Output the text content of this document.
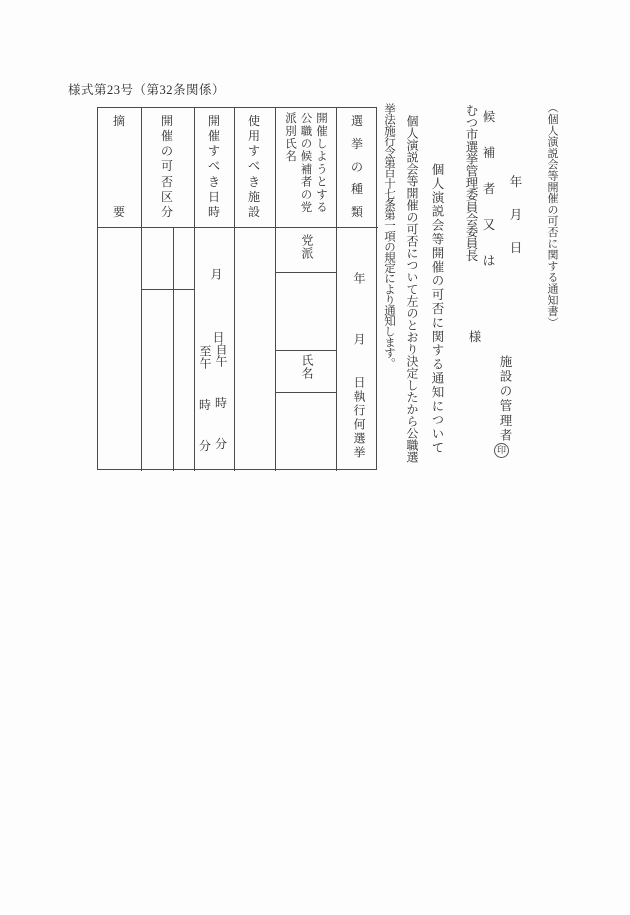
様式第23号（第32条関係）
（個人演説会等開催の可否に関する通知書）
年
月
日
候
補
者
又
は
むつ市選挙管理委員会委員長
様
施設の管理者
印
個人演説会等開催の可否に関する通知について
個人演説会等開催の可否について左のとおり決定したから公職選
挙法施行令第百十七条第一項の規定により通知します。
摘
要
開
催
の
可
否
区
分
開
催
す
べ
き
日
時
使
用
す
べ
き
施
設	開催しようとする公職の候補者の党派別氏名	選
挙
の
種
類
党派
氏名
年
月
日執行何選挙
月
日
自午
時
分
至午
時
分
